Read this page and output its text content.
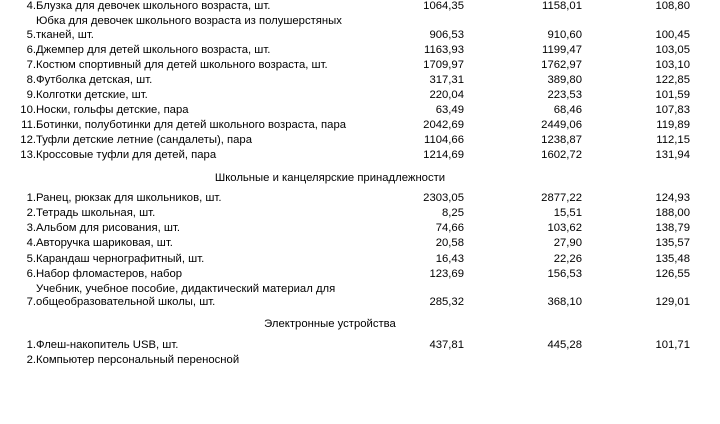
4.	Блузка для девочек школьного возраста, шт.	1064,35	1158,01	108,80
5.	Юбка для девочек школьного возраста из полушерстяных тканей, шт.	906,53	910,60	100,45
6.	Джемпер для детей школьного возраста, шт.	1163,93	1199,47	103,05
7.	Костюм спортивный для детей школьного возраста, шт.	1709,97	1762,97	103,10
8.	Футболка детская, шт.	317,31	389,80	122,85
9.	Колготки детские, шт.	220,04	223,53	101,59
10.	Носки, гольфы детские, пара	63,49	68,46	107,83
11.	Ботинки, полуботинки для детей школьного возраста, пара	2042,69	2449,06	119,89
12.	Туфли детские летние (сандалеты), пара	1104,66	1238,87	112,15
13.	Кроссовые туфли для детей, пара	1214,69	1602,72	131,94

Школьные и канцелярские принадлежности				

1.	Ранец, рюкзак для школьников, шт.	2303,05	2877,22	124,93
2.	Тетрадь школьная, шт.	8,25	15,51	188,00
3.	Альбом для рисования, шт.	74,66	103,62	138,79
4.	Авторучка шариковая, шт.	20,58	27,90	135,57
5.	Карандаш чернографитный, шт.	16,43	22,26	135,48
6.	Набор фломастеров, набор	123,69	156,53	126,55
7.	Учебник, учебное пособие, дидактический материал для общеобразовательной школы, шт.	285,32	368,10	129,01

Электронные устройства				

1.	Флеш-накопитель USB, шт.	437,81	445,28	101,71
2.	Компьютер персональный переносной			
